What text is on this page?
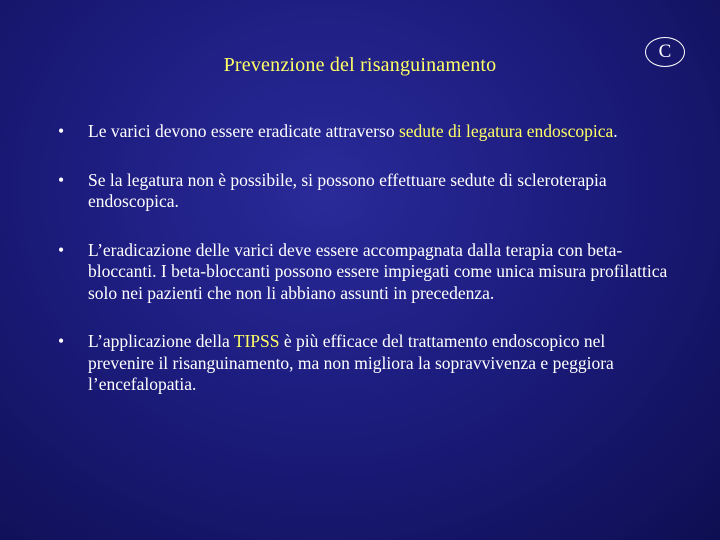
Prevenzione del risanguinamento
C
•	Le varici devono essere eradicate attraverso sedute di legatura endoscopica.
•	Se la legatura non è possibile, si possono effettuare sedute di scleroterapia endoscopica.
•	L’eradicazione delle varici deve essere accompagnata dalla terapia con beta-bloccanti. I beta-bloccanti possono essere impiegati come unica misura profilattica solo nei pazienti che non li abbiano assunti in precedenza.
•	L’applicazione della TIPSS è più efficace del trattamento endoscopico nel prevenire il risanguinamento, ma non migliora la sopravvivenza e peggiora l’encefalopatia.
